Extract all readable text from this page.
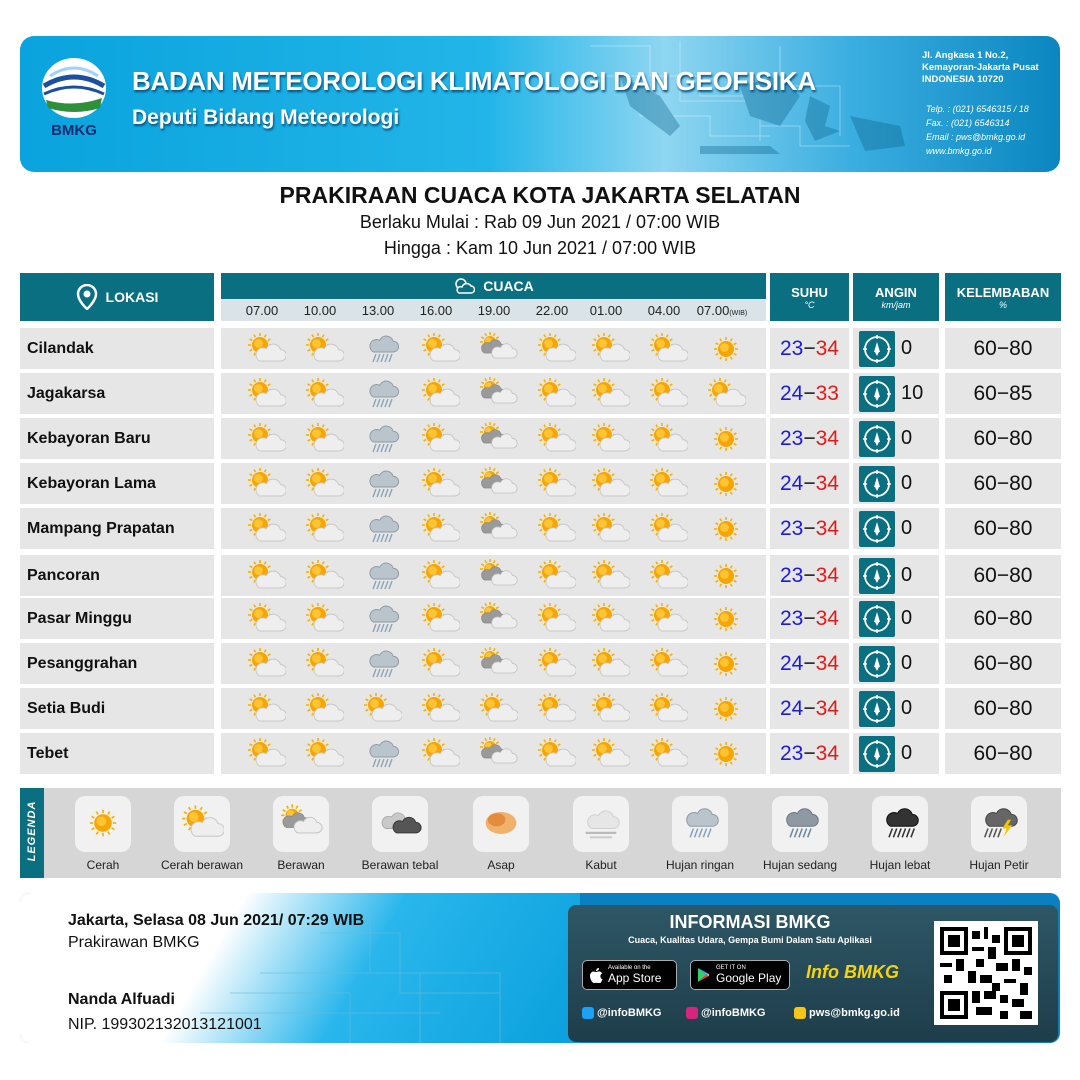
BMKG
BADAN METEOROLOGI KLIMATOLOGI DAN GEOFISIKA
Deputi Bidang Meteorologi
Jl. Angkasa 1 No.2,
Kemayoran-Jakarta Pusat
INDONESIA 10720
Telp. : (021) 6546315 / 18
Fax. : (021) 6546314
Email : pws@bmkg.go.id
www.bmkg.go.id
PRAKIRAAN CUACA KOTA JAKARTA SELATAN
Berlaku Mulai : Rab 09 Jun 2021 / 07:00 WIB
Hingga : Kam 10 Jun 2021 / 07:00 WIB
LOKASI
CUACA
07.00	10.00	13.00	16.00	19.00	22.00	01.00	04.00	07.00(WIB)
SUHU
°C
ANGIN
km/jam
KELEMBABAN
%
Cilandak	23−34	0	60−80
Jagakarsa	24−33	10	60−85
Kebayoran Baru	23−34	0	60−80
Kebayoran Lama	24−34	0	60−80
Mampang Prapatan	23−34	0	60−80
Pancoran	23−34	0	60−80
Pasar Minggu	23−34	0	60−80
Pesanggrahan	24−34	0	60−80
Setia Budi	24−34	0	60−80
Tebet	23−34	0	60−80
LEGENDA
Cerah	Cerah berawan	Berawan	Berawan tebal	Asap	Kabut	Hujan ringan	Hujan sedang	Hujan lebat	Hujan Petir
Jakarta, Selasa 08 Jun 2021/ 07:29 WIB
Prakirawan BMKG
Nanda Alfuadi
NIP. 199302132013121001
INFORMASI BMKG
Cuaca, Kualitas Udara, Gempa Bumi Dalam Satu Aplikasi
Available on the
App Store
GET IT ON
Google Play Info BMKG
@infoBMKG	@infoBMKG	pws@bmkg.go.id
